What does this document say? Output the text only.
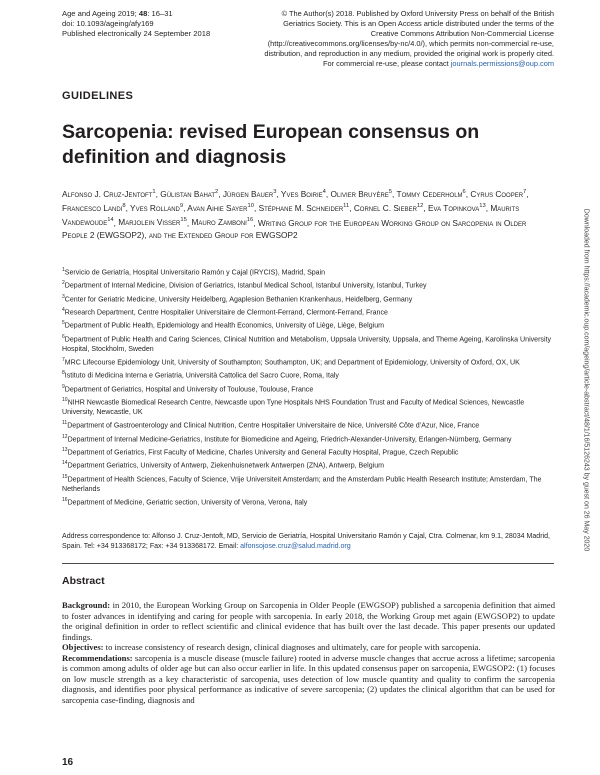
Age and Ageing 2019; 48: 16–31
doi: 10.1093/ageing/afy169
Published electronically 24 September 2018
© The Author(s) 2018. Published by Oxford University Press on behalf of the British Geriatrics Society. This is an Open Access article distributed under the terms of the Creative Commons Attribution Non-Commercial License (http://creativecommons.org/licenses/by-nc/4.0/), which permits non-commercial re-use, distribution, and reproduction in any medium, provided the original work is properly cited. For commercial re-use, please contact journals.permissions@oup.com
GUIDELINES
Sarcopenia: revised European consensus on definition and diagnosis
Alfonso J. Cruz-Jentoft$^1$, Gülistan Bahat$^2$, Jürgen Bauer$^3$, Yves Boirie$^4$, Olivier Bruyère$^5$, Tommy Cederholm$^6$, Cyrus Cooper$^7$, Francesco Landi$^8$, Yves Rolland$^9$, Avan Aihie Sayer$^{10}$, Stéphane M. Schneider$^{11}$, Cornel C. Sieber$^{12}$, Eva Topinkova$^{13}$, Maurits Vandewoude$^{14}$, Marjolein Visser$^{15}$, Mauro Zamboni$^{16}$, Writing Group for the European Working Group on Sarcopenia in Older People 2 (EWGSOP2), and the Extended Group for EWGSOP2

$^1$Servicio de Geriatría, Hospital Universitario Ramón y Cajal (IRYCIS), Madrid, Spain

$^2$Department of Internal Medicine, Division of Geriatrics, Istanbul Medical School, Istanbul University, Istanbul, Turkey

$^3$Center for Geriatric Medicine, University Heidelberg, Agaplesion Bethanien Krankenhaus, Heidelberg, Germany

$^4$Research Department, Centre Hospitalier Universitaire de Clermont-Ferrand, Clermont-Ferrand, France

$^5$Department of Public Health, Epidemiology and Health Economics, University of Liège, Liège, Belgium

$^6$Department of Public Health and Caring Sciences, Clinical Nutrition and Metabolism, Uppsala University, Uppsala, and Theme Ageing, Karolinska University Hospital, Stockholm, Sweden

$^7$MRC Lifecourse Epidemiology Unit, University of Southampton; Southampton, UK; and Department of Epidemiology, University of Oxford, OX, UK

$^8$Istituto di Medicina Interna e Geriatria, Università Cattolica del Sacro Cuore, Roma, Italy

$^9$Department of Geriatrics, Hospital and University of Toulouse, Toulouse, France

$^{10}$NIHR Newcastle Biomedical Research Centre, Newcastle upon Tyne Hospitals NHS Foundation Trust and Faculty of Medical Sciences, Newcastle University, Newcastle, UK

$^{11}$Department of Gastroenterology and Clinical Nutrition, Centre Hospitalier Universitaire de Nice, Université Côte d’Azur, Nice, France

$^{12}$Department of Internal Medicine-Geriatrics, Institute for Biomedicine and Ageing, Friedrich-Alexander-University, Erlangen-Nürnberg, Germany

$^{13}$Department of Geriatrics, First Faculty of Medicine, Charles University and General Faculty Hospital, Prague, Czech Republic

$^{14}$Department Geriatrics, University of Antwerp, Ziekenhuisnetwerk Antwerpen (ZNA), Antwerp, Belgium

$^{15}$Department of Health Sciences, Faculty of Science, Vrije Universiteit Amsterdam; and the Amsterdam Public Health Research Institute; Amsterdam, The Netherlands

$^{16}$Department of Medicine, Geriatric section, University of Verona, Verona, Italy

Address correspondence to: Alfonso J. Cruz-Jentoft, MD, Servicio de Geriatría, Hospital Universitario Ramón y Cajal, Ctra. Colmenar, km 9.1, 28034 Madrid, Spain. Tel: +34 913368172; Fax: +34 913368172. Email: alfonsojose.cruz@salud.madrid.org
Abstract

Background: in 2010, the European Working Group on Sarcopenia in Older People (EWGSOP) published a sarcopenia definition that aimed to foster advances in identifying and caring for people with sarcopenia. In early 2018, the Working Group met again (EWGSOP2) to update the original definition in order to reflect scientific and clinical evidence that has built over the last decade. This paper presents our updated findings.

Objectives: to increase consistency of research design, clinical diagnoses and ultimately, care for people with sarcopenia.

Recommendations: sarcopenia is a muscle disease (muscle failure) rooted in adverse muscle changes that accrue across a lifetime; sarcopenia is common among adults of older age but can also occur earlier in life. In this updated consensus paper on sarcopenia, EWGSOP2: (1) focuses on low muscle strength as a key characteristic of sarcopenia, uses detection of low muscle quantity and quality to confirm the sarcopenia diagnosis, and identifies poor physical performance as indicative of severe sarcopenia; (2) updates the clinical algorithm that can be used for sarcopenia case-finding, diagnosis and

16
Downloaded from https://academic.oup.com/ageing/article-abstract/48/1/16/5126243 by guest on 26 May 2020
